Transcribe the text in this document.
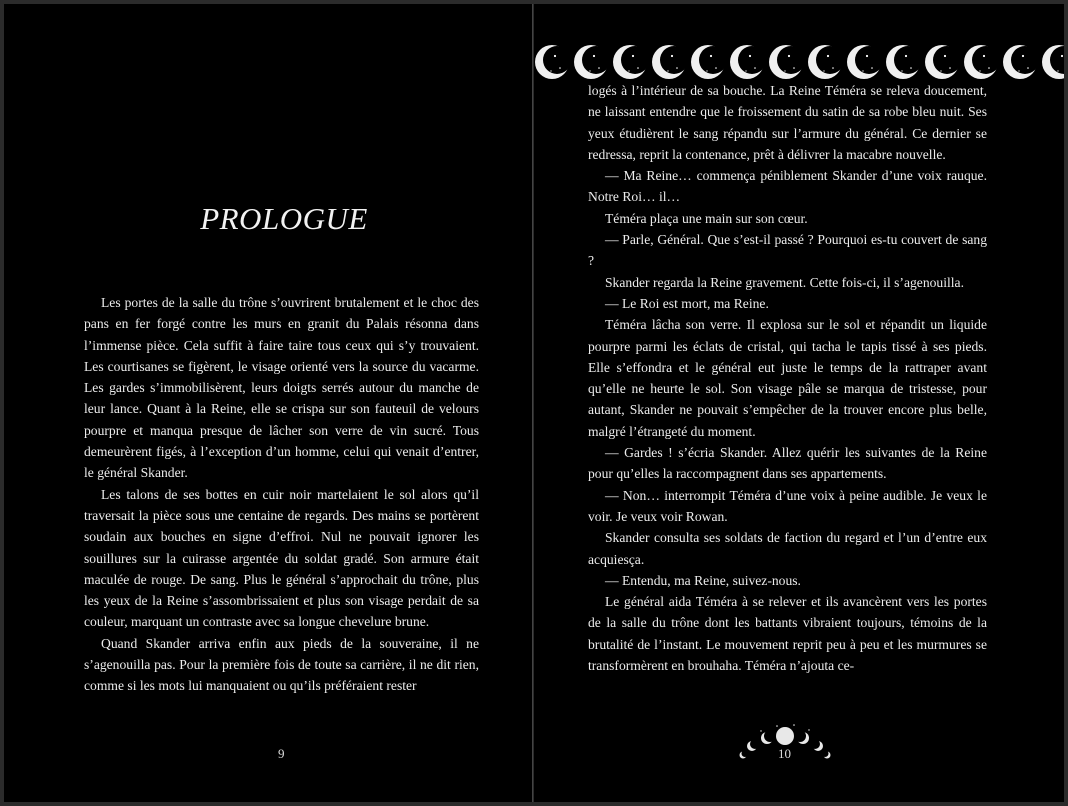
PROLOGUE

Les portes de la salle du trône s’ouvrirent brutalement et le choc des pans en fer forgé contre les murs en granit du Palais résonna dans l’immense pièce. Cela suffit à faire taire tous ceux qui s’y trouvaient. Les courtisanes se figèrent, le visage orienté vers la source du vacarme. Les gardes s’immobilisèrent, leurs doigts serrés autour du manche de leur lance. Quant à la Reine, elle se crispa sur son fauteuil de velours pourpre et manqua presque de lâcher son verre de vin sucré. Tous demeurèrent figés, à l’exception d’un homme, celui qui venait d’entrer, le général Skander.

Les talons de ses bottes en cuir noir martelaient le sol alors qu’il traversait la pièce sous une centaine de regards. Des mains se portèrent soudain aux bouches en signe d’effroi. Nul ne pouvait ignorer les souillures sur la cuirasse argentée du soldat gradé. Son armure était maculée de rouge. De sang. Plus le général s’approchait du trône, plus les yeux de la Reine s’assombrissaient et plus son visage perdait de sa couleur, marquant un contraste avec sa longue chevelure brune.

Quand Skander arriva enfin aux pieds de la souveraine, il ne s’agenouilla pas. Pour la première fois de toute sa carrière, il ne dit rien, comme si les mots lui manquaient ou qu’ils préféraient rester

9

logés à l’intérieur de sa bouche. La Reine Téméra se releva doucement, ne laissant entendre que le froissement du satin de sa robe bleu nuit. Ses yeux étudièrent le sang répandu sur l’armure du général. Ce dernier se redressa, reprit la contenance, prêt à délivrer la macabre nouvelle.

— Ma Reine… commença péniblement Skander d’une voix rauque. Notre Roi… il…

Téméra plaça une main sur son cœur.

— Parle, Général. Que s’est-il passé ? Pourquoi es-tu couvert de sang ?

Skander regarda la Reine gravement. Cette fois-ci, il s’agenouilla.

— Le Roi est mort, ma Reine.

Téméra lâcha son verre. Il explosa sur le sol et répandit un liquide pourpre parmi les éclats de cristal, qui tacha le tapis tissé à ses pieds. Elle s’effondra et le général eut juste le temps de la rattraper avant qu’elle ne heurte le sol. Son visage pâle se marqua de tristesse, pour autant, Skander ne pouvait s’empêcher de la trouver encore plus belle, malgré l’étrangeté du moment.

— Gardes ! s’écria Skander. Allez quérir les suivantes de la Reine pour qu’elles la raccompagnent dans ses appartements.

— Non… interrompit Téméra d’une voix à peine audible. Je veux le voir. Je veux voir Rowan.

Skander consulta ses soldats de faction du regard et l’un d’entre eux acquiesça.

— Entendu, ma Reine, suivez-nous.

Le général aida Téméra à se relever et ils avancèrent vers les portes de la salle du trône dont les battants vibraient toujours, témoins de la brutalité de l’instant. Le mouvement reprit peu à peu et les murmures se transformèrent en brouhaha. Téméra n’ajouta ce-

10
